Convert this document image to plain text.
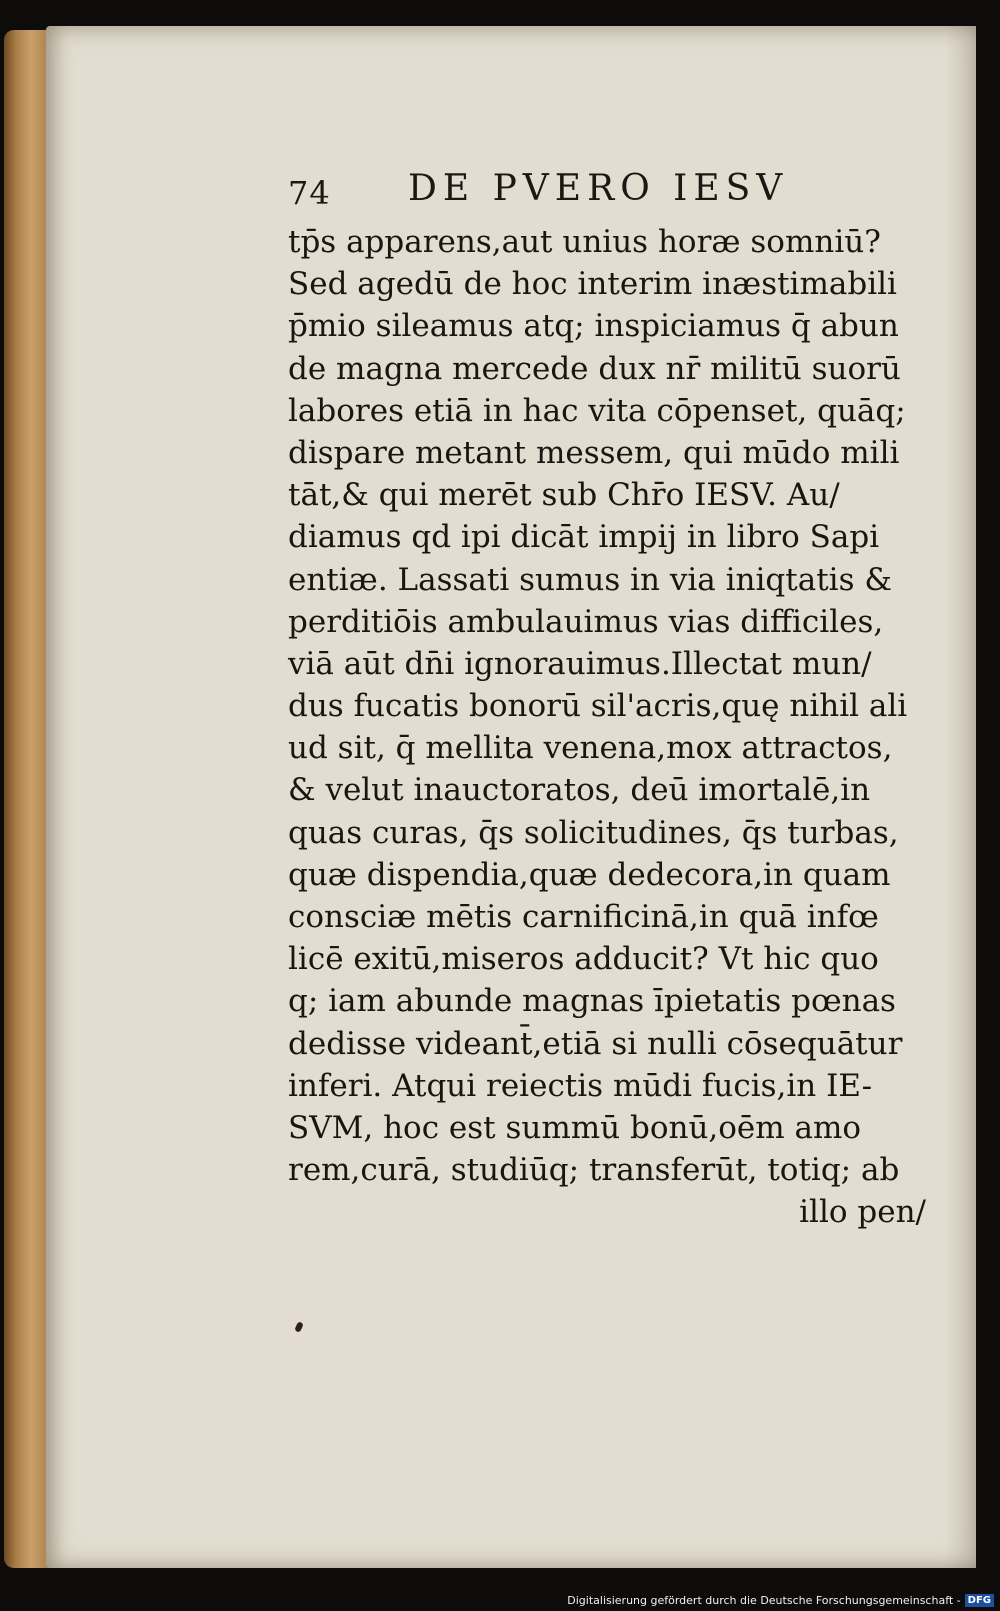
74 DE PVERO IESV
tp̄s apparens,aut unius horæ somniū?
Sed agedū de hoc interim inæstimabili
p̄mio sileamus atq; inspiciamus q̄ abun
de magna mercede dux nr̄ militū suorū
labores etiā in hac vita cōpenset, quāq;
dispare metant messem, qui mūdo mili
tāt,& qui merēt sub Chr̄o IESV. Au/
diamus qd ipi dicāt impij in libro Sapi
entiæ. Lassati sumus in via iniqtatis &
perditiōis ambulauimus vias difficiles,
viā aūt dn̄i ignorauimus.Illectat mun/
dus fucatis bonorū sil'acris,quę nihil ali
ud sit, q̄ mellita venena,mox attractos,
& velut inauctoratos, deū imortalē,in
quas curas, q̄s solicitudines, q̄s turbas,
quæ dispendia,quæ dedecora,in quam
consciæ mētis carnificinā,in quā infœ
licē exitū,miseros adducit? Vt hic quo
q; iam abunde magnas īpietatis pœnas
dedisse videant̄,etiā si nulli cōsequātur
inferi. Atqui reiectis mūdi fucis,in IE-
SVM, hoc est summū bonū,oēm amo
rem,curā, studiūq; transferūt, totiq; ab
illo pen/
Digitalisierung gefördert durch die Deutsche Forschungsgemeinschaft - DFG
